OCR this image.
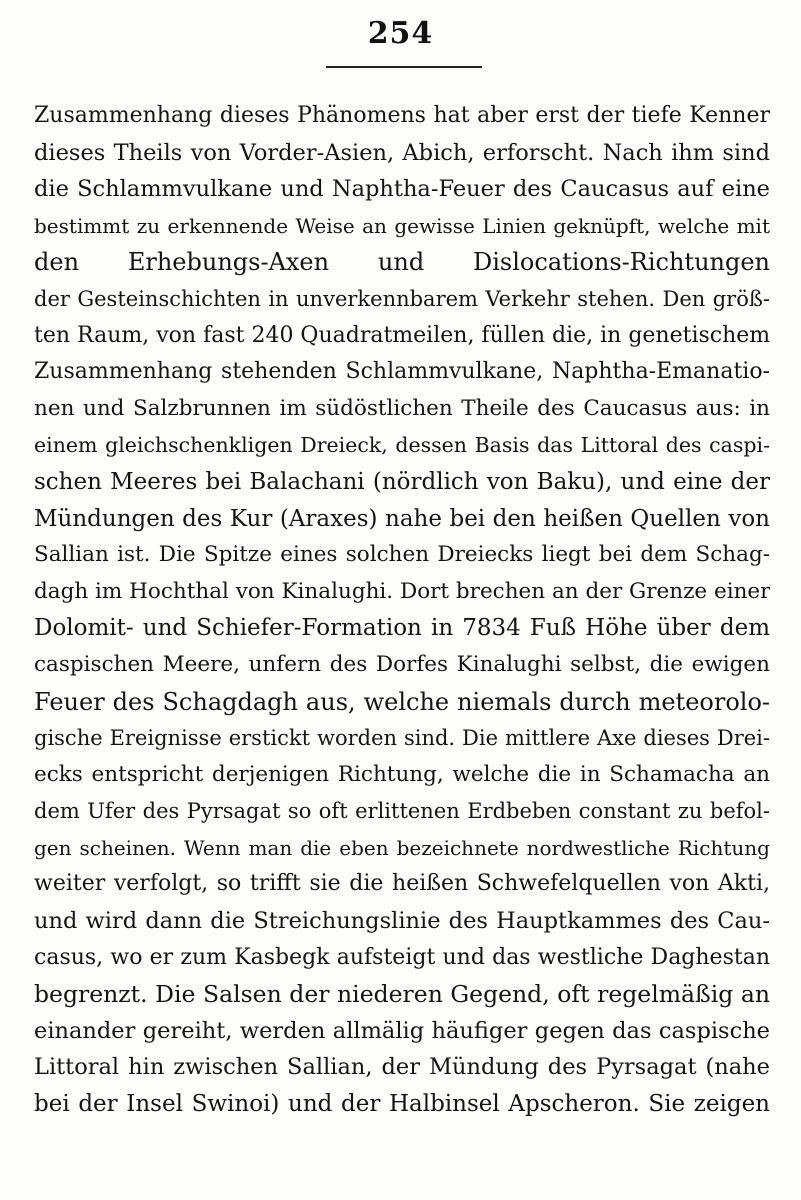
254
Zusammenhang dieses Phänomens hat aber erst der tiefe Kenner
dieses Theils von Vorder-Asien, Abich, erforscht. Nach ihm sind
die Schlammvulkane und Naphtha-Feuer des Caucasus auf eine
bestimmt zu erkennende Weise an gewisse Linien geknüpft, welche mit
den Erhebungs-Axen und Dislocations-Richtungen
der Gesteinschichten in unverkennbarem Verkehr stehen. Den größ-
ten Raum, von fast 240 Quadratmeilen, füllen die, in genetischem
Zusammenhang stehenden Schlammvulkane, Naphtha-Emanatio-
nen und Salzbrunnen im südöstlichen Theile des Caucasus aus: in
einem gleichschenkligen Dreieck, dessen Basis das Littoral des caspi-
schen Meeres bei Balachani (nördlich von Baku), und eine der
Mündungen des Kur (Araxes) nahe bei den heißen Quellen von
Sallian ist. Die Spitze eines solchen Dreiecks liegt bei dem Schag-
dagh im Hochthal von Kinalughi. Dort brechen an der Grenze einer
Dolomit- und Schiefer-Formation in 7834 Fuß Höhe über dem
caspischen Meere, unfern des Dorfes Kinalughi selbst, die ewigen
Feuer des Schagdagh aus, welche niemals durch meteorolo-
gische Ereignisse erstickt worden sind. Die mittlere Axe dieses Drei-
ecks entspricht derjenigen Richtung, welche die in Schamacha an
dem Ufer des Pyrsagat so oft erlittenen Erdbeben constant zu befol-
gen scheinen. Wenn man die eben bezeichnete nordwestliche Richtung
weiter verfolgt, so trifft sie die heißen Schwefelquellen von Akti,
und wird dann die Streichungslinie des Hauptkammes des Cau-
casus, wo er zum Kasbegk aufsteigt und das westliche Daghestan
begrenzt. Die Salsen der niederen Gegend, oft regelmäßig an
einander gereiht, werden allmälig häufiger gegen das caspische
Littoral hin zwischen Sallian, der Mündung des Pyrsagat (nahe
bei der Insel Swinoi) und der Halbinsel Apscheron. Sie zeigen
